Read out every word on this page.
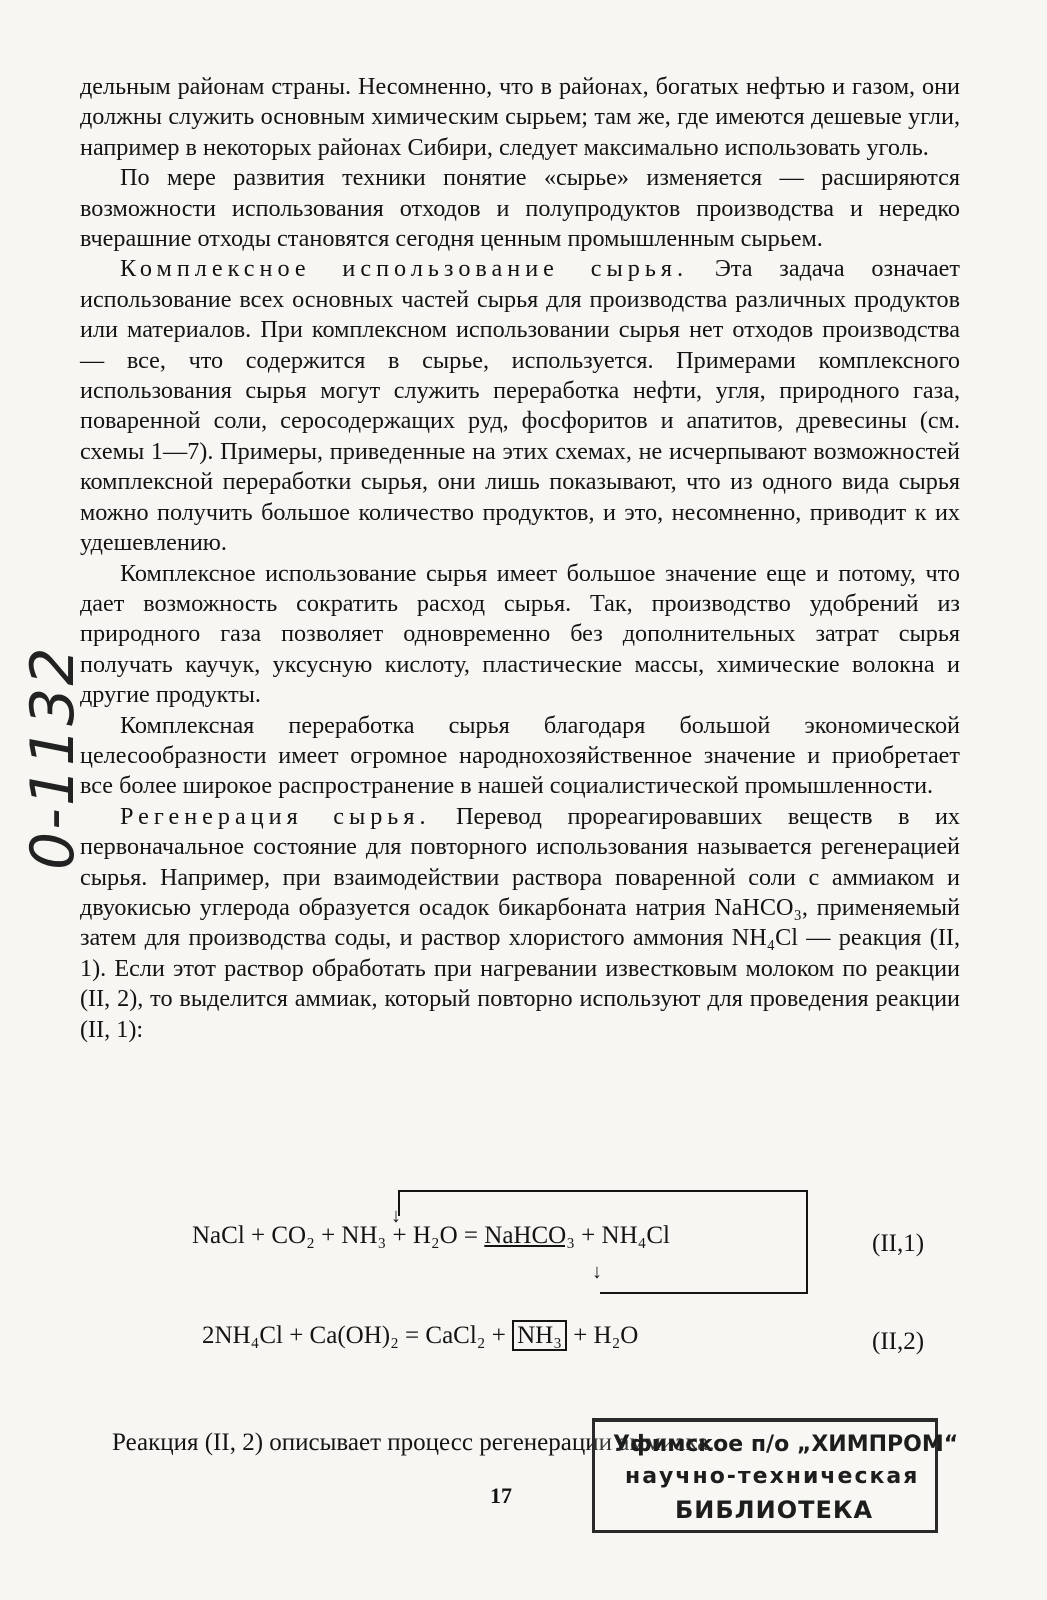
дельным районам страны. Несомненно, что в районах, богатых нефтью и газом, они должны служить основным химическим сырьем; там же, где имеются дешевые угли, например в некоторых районах Сибири, следует максимально использовать уголь.

По мере развития техники понятие «сырье» изменяется — расширяются возможности использования отходов и полупродуктов производства и нередко вчерашние отходы становятся сегодня ценным промышленным сырьем.

Комплексное использование сырья. Эта задача означает использование всех основных частей сырья для производства различных продуктов или материалов. При комплексном использовании сырья нет отходов производства — все, что содержится в сырье, используется. Примерами комплексного использования сырья могут служить переработка нефти, угля, природного газа, поваренной соли, серосодержащих руд, фосфоритов и апатитов, древесины (см. схемы 1—7). Примеры, приведенные на этих схемах, не исчерпывают возможностей комплексной переработки сырья, они лишь показывают, что из одного вида сырья можно получить большое количество продуктов, и это, несомненно, приводит к их удешевлению.

Комплексное использование сырья имеет большое значение еще и потому, что дает возможность сократить расход сырья. Так, производство удобрений из природного газа позволяет одновременно без дополнительных затрат сырья получать каучук, уксусную кислоту, пластические массы, химические волокна и другие продукты.

Комплексная переработка сырья благодаря большой экономической целесообразности имеет огромное народнохозяйственное значение и приобретает все более широкое распространение в нашей социалистической промышленности.

Регенерация сырья. Перевод прореагировавших веществ в их первоначальное состояние для повторного использования называется регенерацией сырья. Например, при взаимодействии раствора поваренной соли с аммиаком и двуокисью углерода образуется осадок бикарбоната натрия NaHCO₃, применяемый затем для производства соды, и раствор хлористого аммония NH₄Cl — реакция (II, 1). Если этот раствор обработать при нагревании известковым молоком по реакции (II, 2), то выделится аммиак, который повторно используют для проведения реакции (II, 1):

↓
↓
NaCl + CO₂ + NH₃ + H₂O = NaHCO₃ + NH₄Cl	(II,1)
2NH₄Cl + Ca(OH)₂ = CaCl₂ + NH₃ + H₂O	(II,2)
Реакция (II, 2) описывает процесс регенерации аммиака.
17
0-1132
Уфимское п/о „ХИМПРОМ“
научно-техническая
БИБЛИОТЕКА
